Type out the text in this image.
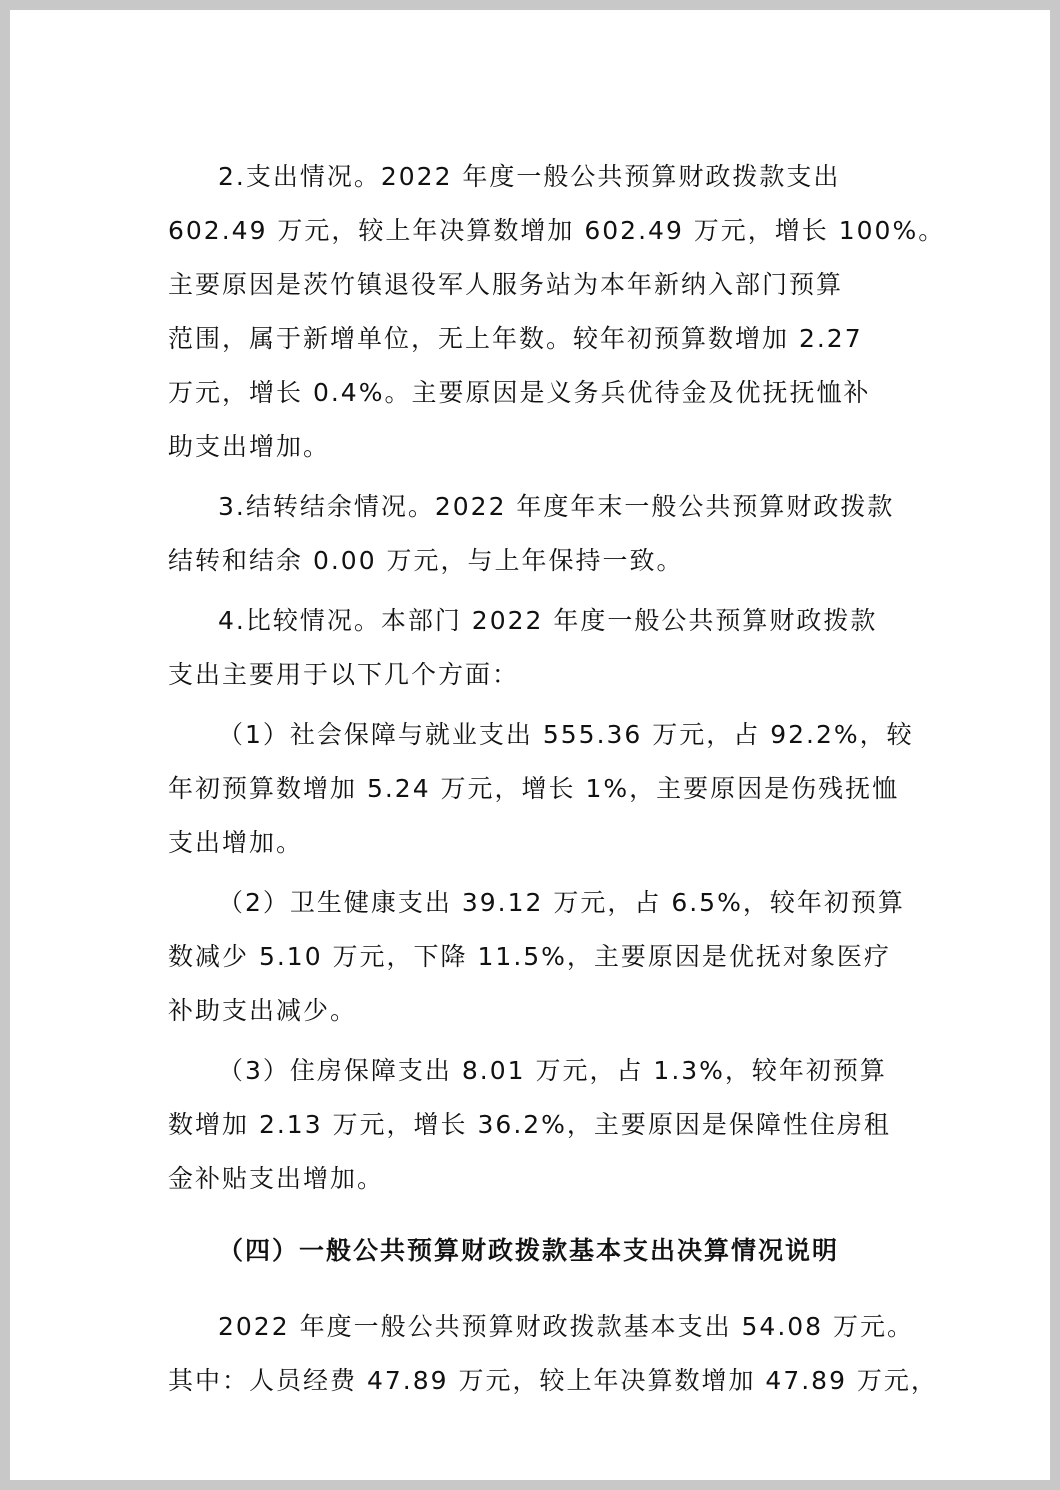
2.支出情况。2022 年度一般公共预算财政拨款支出
602.49 万元，较上年决算数增加 602.49 万元，增长 100%。
主要原因是茨竹镇退役军人服务站为本年新纳入部门预算
范围，属于新增单位，无上年数。较年初预算数增加 2.27
万元，增长 0.4%。主要原因是义务兵优待金及优抚抚恤补
助支出增加。

3.结转结余情况。2022 年度年末一般公共预算财政拨款
结转和结余 0.00 万元，与上年保持一致。

4.比较情况。本部门 2022 年度一般公共预算财政拨款
支出主要用于以下几个方面：

（1）社会保障与就业支出 555.36 万元，占 92.2%，较
年初预算数增加 5.24 万元，增长 1%，主要原因是伤残抚恤
支出增加。

（2）卫生健康支出 39.12 万元，占 6.5%，较年初预算
数减少 5.10 万元，下降 11.5%，主要原因是优抚对象医疗
补助支出减少。

（3）住房保障支出 8.01 万元，占 1.3%，较年初预算
数增加 2.13 万元，增长 36.2%，主要原因是保障性住房租
金补贴支出增加。

（四）一般公共预算财政拨款基本支出决算情况说明

2022 年度一般公共预算财政拨款基本支出 54.08 万元。
其中：人员经费 47.89 万元，较上年决算数增加 47.89 万元，
